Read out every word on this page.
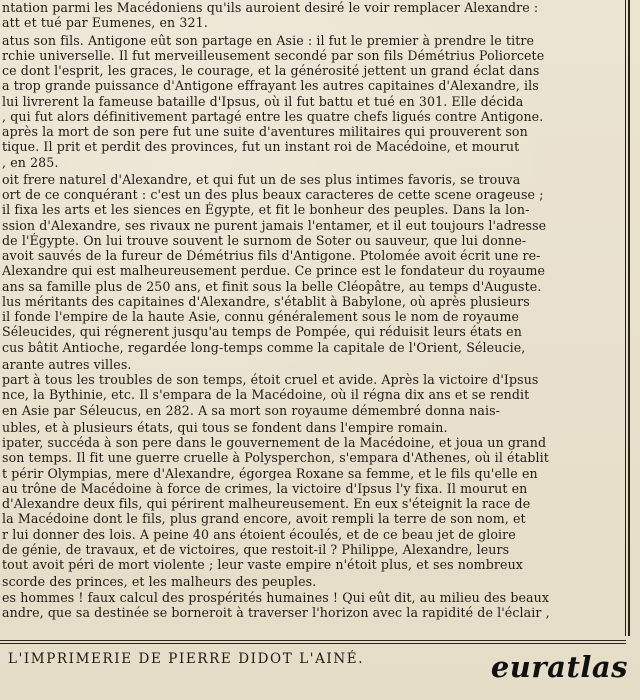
ntation parmi les Macédoniens qu'ils auroient desiré le voir remplacer Alexandre :

att et tué par Eumenes, en 321.

atus son fils. Antigone eût son partage en Asie : il fut le premier à prendre le titre

rchie universelle. Il fut merveilleusement secondé par son fils Démétrius Poliorcete

ce dont l'esprit, les graces, le courage, et la générosité jettent un grand éclat dans

a trop grande puissance d'Antigone effrayant les autres capitaines d'Alexandre, ils

lui livrerent la fameuse bataille d'Ipsus, où il fut battu et tué en 301. Elle décida

, qui fut alors définitivement partagé entre les quatre chefs ligués contre Antigone.

après la mort de son pere fut une suite d'aventures militaires qui prouverent son

tique. Il prit et perdit des provinces, fut un instant roi de Macédoine, et mourut

, en 285.

oit frere naturel d'Alexandre, et qui fut un de ses plus intimes favoris, se trouva

ort de ce conquérant : c'est un des plus beaux caracteres de cette scene orageuse ;

il fixa les arts et les siences en Égypte, et fit le bonheur des peuples. Dans la lon-

ssion d'Alexandre, ses rivaux ne purent jamais l'entamer, et il eut toujours l'adresse

de l'Égypte. On lui trouve souvent le surnom de Soter ou sauveur, que lui donne-

avoit sauvés de la fureur de Démétrius fils d'Antigone. Ptolomée avoit écrit une re-

Alexandre qui est malheureusement perdue. Ce prince est le fondateur du royaume

ans sa famille plus de 250 ans, et finit sous la belle Cléopâtre, au temps d'Auguste.

lus méritants des capitaines d'Alexandre, s'établit à Babylone, où après plusieurs

il fonde l'empire de la haute Asie, connu généralement sous le nom de royaume

Séleucides, qui régnerent jusqu'au temps de Pompée, qui réduisit leurs états en

cus bâtit Antioche, regardée long-temps comme la capitale de l'Orient, Séleucie,

arante autres villes.

part à tous les troubles de son temps, étoit cruel et avide. Après la victoire d'Ipsus

nce, la Bythinie, etc. Il s'empara de la Macédoine, où il régna dix ans et se rendit

en Asie par Séleucus, en 282. A sa mort son royaume démembré donna nais-

ubles, et à plusieurs états, qui tous se fondent dans l'empire romain.

ipater, succéda à son pere dans le gouvernement de la Macédoine, et joua un grand

son temps. Il fit une guerre cruelle à Polysperchon, s'empara d'Athenes, où il établit

t périr Olympias, mere d'Alexandre, égorgea Roxane sa femme, et le fils qu'elle en

au trône de Macédoine à force de crimes, la victoire d'Ipsus l'y fixa. Il mourut en

d'Alexandre deux fils, qui périrent malheureusement. En eux s'éteignit la race de

la Macédoine dont le fils, plus grand encore, avoit rempli la terre de son nom, et

r lui donner des lois. A peine 40 ans étoient écoulés, et de ce beau jet de gloire

de génie, de travaux, et de victoires, que restoit-il ? Philippe, Alexandre, leurs

tout avoit péri de mort violente ; leur vaste empire n'étoit plus, et ses nombreux

scorde des princes, et les malheurs des peuples.

es hommes ! faux calcul des prospérités humaines ! Qui eût dit, au milieu des beaux

andre, que sa destinée se borneroit à traverser l'horizon avec la rapidité de l'éclair ,

L'IMPRIMERIE DE PIERRE DIDOT L'AINÉ.	euratlas
